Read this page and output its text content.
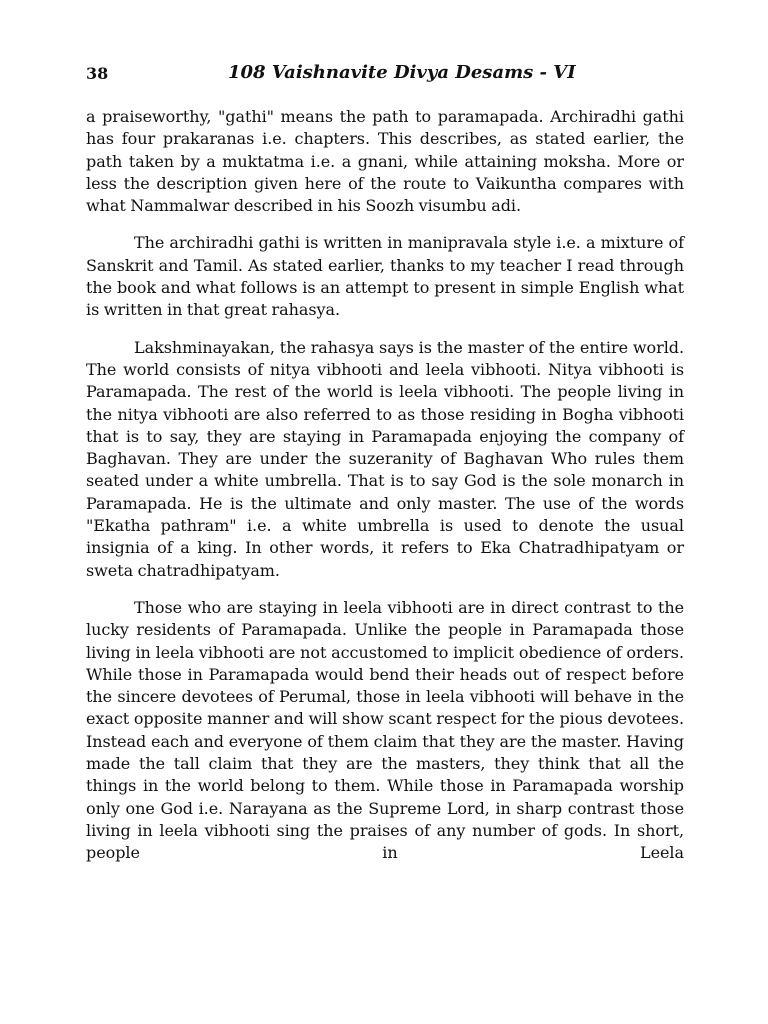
38	108 Vaishnavite Divya Desams - VI

a praiseworthy, "gathi" means the path to paramapada. Archiradhi gathi has four prakaranas i.e. chapters. This describes, as stated earlier, the path taken by a muktatma i.e. a gnani, while attaining moksha. More or less the description given here of the route to Vaikuntha compares with what Nammalwar described in his Soozh visumbu adi.

The archiradhi gathi is written in manipravala style i.e. a mixture of Sanskrit and Tamil. As stated earlier, thanks to my teacher I read through the book and what follows is an attempt to present in simple English what is written in that great rahasya.

Lakshminayakan, the rahasya says is the master of the entire world. The world consists of nitya vibhooti and leela vibhooti. Nitya vibhooti is Paramapada. The rest of the world is leela vibhooti. The people living in the nitya vibhooti are also referred to as those residing in Bogha vibhooti that is to say, they are staying in Paramapada enjoying the company of Baghavan. They are under the suzeranity of Baghavan Who rules them seated under a white umbrella. That is to say God is the sole monarch in Paramapada. He is the ultimate and only master. The use of the words "Ekatha pathram" i.e. a white umbrella is used to denote the usual insignia of a king. In other words, it refers to Eka Chatradhipatyam or sweta chatradhipatyam.

Those who are staying in leela vibhooti are in direct contrast to the lucky residents of Paramapada. Unlike the people in Paramapada those living in leela vibhooti are not accustomed to implicit obedience of orders. While those in Paramapada would bend their heads out of respect before the sincere devotees of Perumal, those in leela vibhooti will behave in the exact opposite manner and will show scant respect for the pious devotees. Instead each and everyone of them claim that they are the master. Having made the tall claim that they are the masters, they think that all the things in the world belong to them. While those in Paramapada worship only one God i.e. Narayana as the Supreme Lord, in sharp contrast those living in leela vibhooti sing the praises of any number of gods. In short, people in Leela
